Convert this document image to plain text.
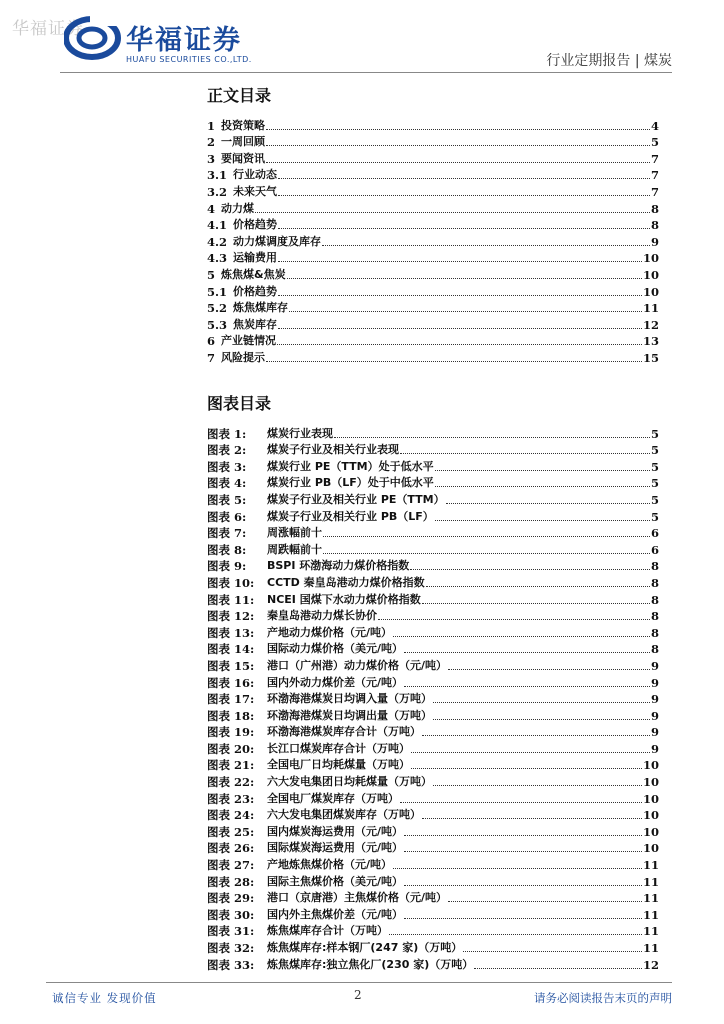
华福证券 华福证券
HUAFU SECURITIES CO.,LTD.	行业定期报告 | 煤炭
正文目录
1 投资策略	4
2 一周回顾	5
3 要闻资讯	7
3.1 行业动态	7
3.2 未来天气	7
4 动力煤	8
4.1 价格趋势	8
4.2 动力煤调度及库存	9
4.3 运输费用	10
5 炼焦煤&焦炭	10
5.1 价格趋势	10
5.2 炼焦煤库存	11
5.3 焦炭库存	12
6 产业链情况	13
7 风险提示	15
图表目录
图表 1:	煤炭行业表现	5
图表 2:	煤炭子行业及相关行业表现	5
图表 3:	煤炭行业 PE（TTM）处于低水平	5
图表 4:	煤炭行业 PB（LF）处于中低水平	5
图表 5:	煤炭子行业及相关行业 PE（TTM）	5
图表 6:	煤炭子行业及相关行业 PB（LF）	5
图表 7:	周涨幅前十	6
图表 8:	周跌幅前十	6
图表 9:	BSPI 环渤海动力煤价格指数	8
图表 10:	CCTD 秦皇岛港动力煤价格指数	8
图表 11:	NCEI 国煤下水动力煤价格指数	8
图表 12:	秦皇岛港动力煤长协价	8
图表 13:	产地动力煤价格（元/吨）	8
图表 14:	国际动力煤价格（美元/吨）	8
图表 15:	港口（广州港）动力煤价格（元/吨）	9
图表 16:	国内外动力煤价差（元/吨）	9
图表 17:	环渤海港煤炭日均调入量（万吨）	9
图表 18:	环渤海港煤炭日均调出量（万吨）	9
图表 19:	环渤海港煤炭库存合计（万吨）	9
图表 20:	长江口煤炭库存合计（万吨）	9
图表 21:	全国电厂日均耗煤量（万吨）	10
图表 22:	六大发电集团日均耗煤量（万吨）	10
图表 23:	全国电厂煤炭库存（万吨）	10
图表 24:	六大发电集团煤炭库存（万吨）	10
图表 25:	国内煤炭海运费用（元/吨）	10
图表 26:	国际煤炭海运费用（元/吨）	10
图表 27:	产地炼焦煤价格（元/吨）	11
图表 28:	国际主焦煤价格（美元/吨）	11
图表 29:	港口（京唐港）主焦煤价格（元/吨）	11
图表 30:	国内外主焦煤价差（元/吨）	11
图表 31:	炼焦煤库存合计（万吨）	11
图表 32:	炼焦煤库存:样本钢厂(247 家)（万吨）	11
图表 33:	炼焦煤库存:独立焦化厂(230 家)（万吨）	12
诚信专业 发现价值	2	请务必阅读报告末页的声明
